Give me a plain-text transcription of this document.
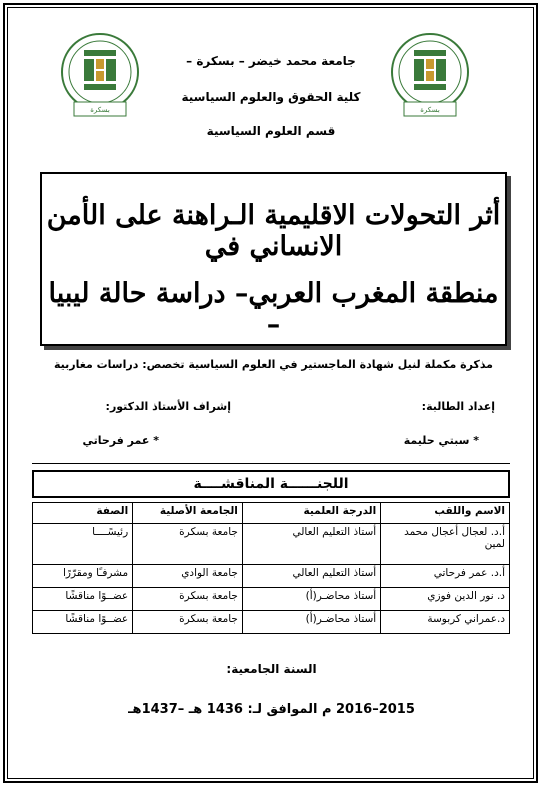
بسكرة
بسكرة
جامعة محمد خيضر – بسكرة –
كلية الحقوق والعلوم السياسية
قسم العلوم السياسية
أثر التحولات الاقليمية الـراهنة على الأمن الانساني في
منطقة المغرب العربي– دراسة حالة ليبيا –
مذكرة مكملة لنيل شهادة الماجستير في العلوم السياسية تخصص: دراسات مغاربية
إعداد الطالبة:
إشراف الأستاذ الدكتور:
* سبتي حليمة
* عمر فرحاتي
اللجنــــــة المناقشــــة
الاسم واللقب	الدرجة العلمية	الجامعة الأصلية	الصفة
أ.د. لعجال أعجال محمد لمين	أستاذ التعليم العالي	جامعة بسكرة	رئيسًــــا
أ.د. عمر فرحاتي	أستاذ التعليم العالي	جامعة الوادي	مشرفـًا ومقرّرًا
د. نور الدين فوزي	أستاذ محاضـر(أ)	جامعة بسكرة	عضــوًا مناقشًا
د.عمراني كربوسة	أستاذ محاضـر(أ)	جامعة بسكرة	عضــوًا مناقشًا
السنة الجامعية:
2015–2016 م الموافق لـ: 1436 هـ –1437هـ
